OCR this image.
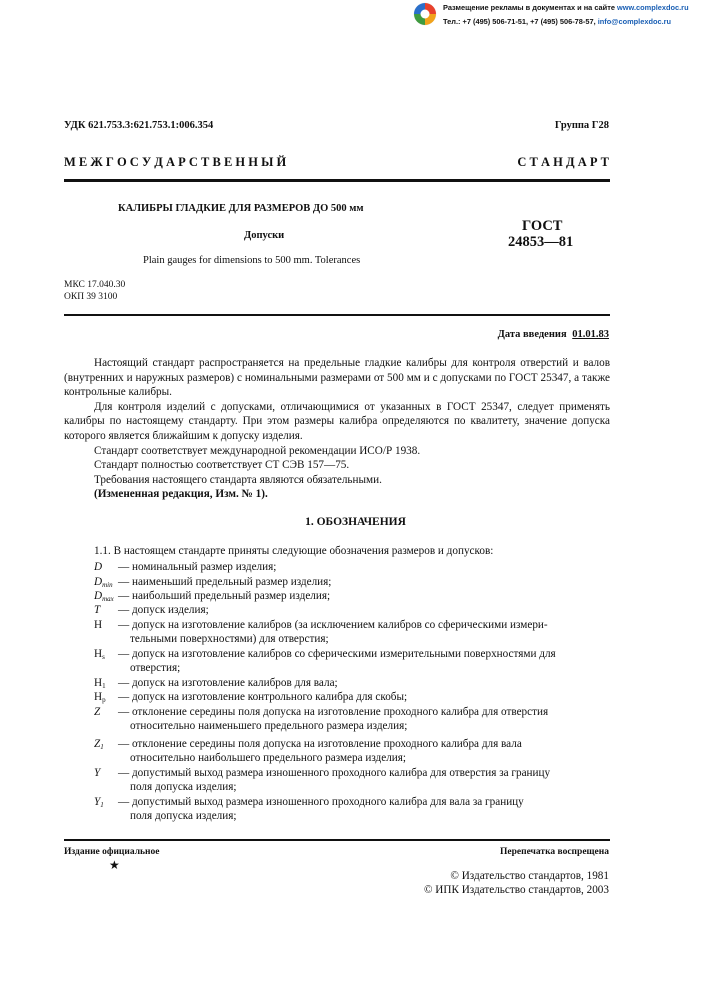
Размещение рекламы в документах и на сайте www.complexdoc.ru
Тел.: +7 (495) 506-71-51, +7 (495) 506-78-57, info@complexdoc.ru
УДК 621.753.3:621.753.1:006.354	Группа Г28
М Е Ж Г О С У Д А Р С Т В Е Н Н Ы Й	С Т А Н Д А Р Т
КАЛИБРЫ ГЛАДКИЕ ДЛЯ РАЗМЕРОВ ДО 500 мм
Допуски
Plain gauges for dimensions to 500 mm. Tolerances
ГОСТ
24853—81
МКС 17.040.30
ОКП 39 3100
Дата введения 01.01.83

Настоящий стандарт распространяется на предельные гладкие калибры для контроля отверстий и валов (внутренних и наружных размеров) с номинальными размерами от 500 мм и с допусками по ГОСТ 25347, а также контрольные калибры.

Для контроля изделий с допусками, отличающимися от указанных в ГОСТ 25347, следует применять калибры по настоящему стандарту. При этом размеры калибра определяются по квалитету, значение допуска которого является ближайшим к допуску изделия.

Стандарт соответствует международной рекомендации ИСО/Р 1938.

Стандарт полностью соответствует СТ СЭВ 157—75.

Требования настоящего стандарта являются обязательными.

(Измененная редакция, Изм. № 1).

1. ОБОЗНАЧЕНИЯ
1.1. В настоящем стандарте приняты следующие обозначения размеров и допусков:
D — номинальный размер изделия;
$D_{min}$ — наименьший предельный размер изделия;
$D_{max}$ — наибольший предельный размер изделия;
T — допуск изделия;
H — допуск на изготовление калибров (за исключением калибров со сферическими измери-
тельными поверхностями) для отверстия;
$H_s$ — допуск на изготовление калибров со сферическими измерительными поверхностями для
отверстия;
$H_1$ — допуск на изготовление калибров для вала;
$H_p$ — допуск на изготовление контрольного калибра для скобы;
Z — отклонение середины поля допуска на изготовление проходного калибра для отверстия
относительно наименьшего предельного размера изделия;
$Z_1$ — отклонение середины поля допуска на изготовление проходного калибра для вала
относительно наибольшего предельного размера изделия;
Y — допустимый выход размера изношенного проходного калибра для отверстия за границу
поля допуска изделия;
$Y_1$ — допустимый выход размера изношенного проходного калибра для вала за границу
поля допуска изделия;
Издание официальное	Перепечатка воспрещена
★
© Издательство стандартов, 1981
© ИПК Издательство стандартов, 2003
